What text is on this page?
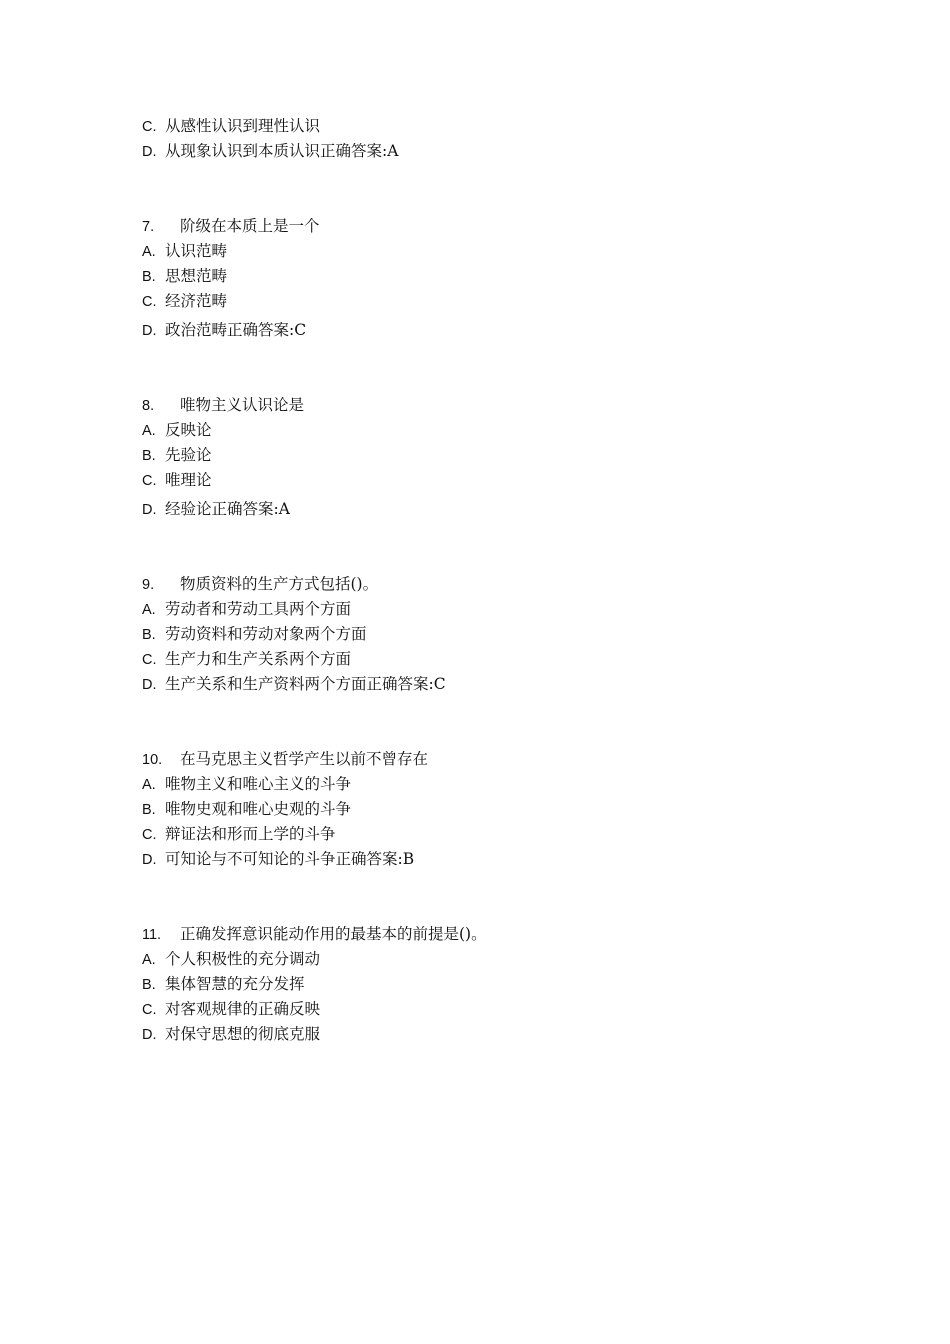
C. 从感性认识到理性认识
D. 从现象认识到本质认识正确答案:A
7. 阶级在本质上是一个
A. 认识范畴
B. 思想范畴
C. 经济范畴
D. 政治范畴正确答案:C
8. 唯物主义认识论是
A. 反映论
B. 先验论
C. 唯理论
D. 经验论正确答案:A
9. 物质资料的生产方式包括()。
A. 劳动者和劳动工具两个方面
B. 劳动资料和劳动对象两个方面
C. 生产力和生产关系两个方面
D. 生产关系和生产资料两个方面正确答案:C
10. 在马克思主义哲学产生以前不曾存在
A. 唯物主义和唯心主义的斗争
B. 唯物史观和唯心史观的斗争
C. 辩证法和形而上学的斗争
D. 可知论与不可知论的斗争正确答案:B
11. 正确发挥意识能动作用的最基本的前提是()。
A. 个人积极性的充分调动
B. 集体智慧的充分发挥
C. 对客观规律的正确反映
D. 对保守思想的彻底克服
